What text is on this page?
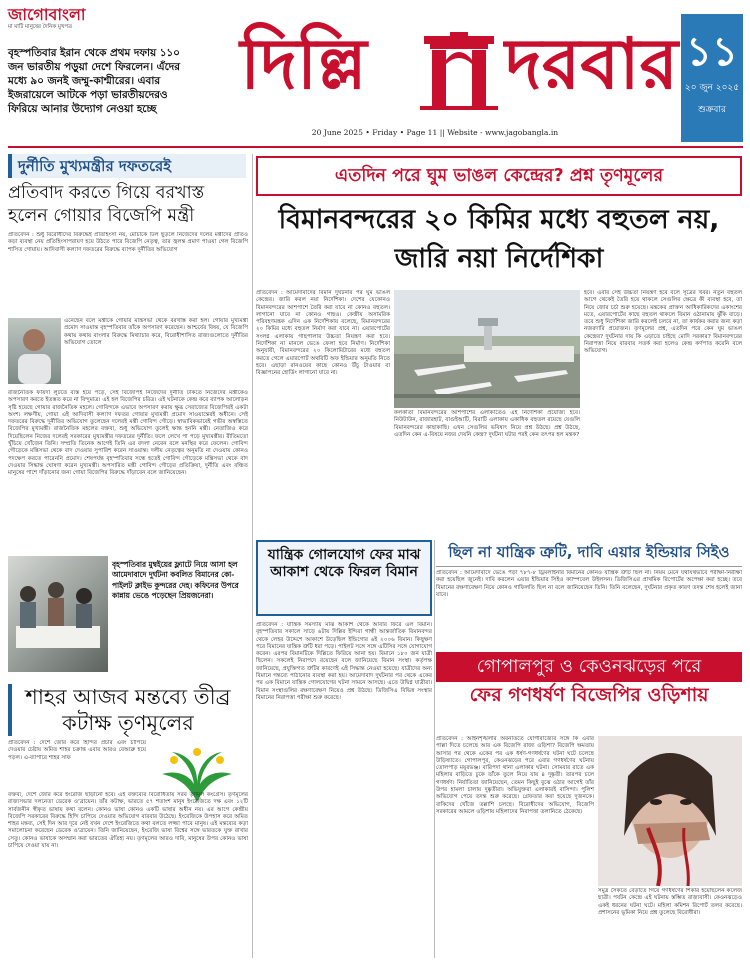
জাগোবাংলা
মা মাটি মানুষের দৈনিক মুখপত্র
বৃহস্পতিবার ইরান থেকে প্রথম দফায় ১১০ জন ভারতীয় পড়ুয়া দেশে ফিরলেন। এঁদের মধ্যে ৯০ জনই জম্মু-কাশ্মীরের। এবার ইজরায়েলে আটকে পড়া ভারতীয়দেরও ফিরিয়ে আনার উদ্যোগ নেওয়া হচ্ছে
দিল্লি	দরবার
20 June 2025 • Friday • Page 11 || Website - www.jagobangla.in
১১
২০ জুন ২০২৫
শুক্রবার
দুর্নীতি মুখ্যমন্ত্রীর দফতরেই
প্রতিবাদ করতে গিয়ে বরখাস্ত হলেন গোয়ার বিজেপি মন্ত্রী
প্রতিবেদন : শুধু বিরোধীদের বিরুদ্ধেই প্রতিহিংসা নয়, মৌচাকে ঢিল ছুঁড়লে নিজেদের দলের মন্ত্রীদের প্রতিও কড়া ব্যবস্থা নেয় প্রতিহিংসাপরায়ণ হয়ে উঠতে পারে বিজেপি নেতৃত্ব, তার জ্বলন্ত প্রমাণ পাওয়া গেল বিজেপি শাসিত গোয়ায়। আদিবাসী কল্যাণ দফতরের বিরুদ্ধে ব্যাপক দুর্নীতির অভিযোগ
এনেছেন বলে মন্ত্রীকে গোয়ার মন্ত্রিসভা থেকে বরখাস্ত করা হল। গোয়ার মুখ্যমন্ত্রী প্রমোদ সাওয়ান্ত বৃহস্পতিবার তাঁকে অপসারণ করেছেন। আশ্চর্যের বিষয়, যে বিজেপি কথায় কথায় বাংলার বিরুদ্ধে মিথ্যাচার করে, বিরোধীশাসিত রাজ্যগুলোতে দুর্নীতির অভিযোগ তোলে
রাজনৈতিক ফায়দা লুটতে ব্যস্ত হয়ে পড়ে, সেই বিজেপিই নিজেদের দুর্নীতি ঢাকতে নিজেদের মন্ত্রীকেও অপসারণ করতে ইতস্তত করে না বিন্দুমাত্র। এই হল বিজেপির চরিত্র। এই ঘটনাকে কেন্দ্র করে ব্যাপক আলোড়ন সৃষ্টি হয়েছে গোয়ার রাজনৈতিক মহলে। গোবিন্দকে এভাবে অপসারণ করায় ক্ষুব্ধ সেরাজ্যের বিজেপিরই একটা অংশ। লক্ষণীয়, গোয়া এই আদিবাসী কল্যাণ দফতর গোয়ার মুখ্যমন্ত্রী প্রমোদ সাওয়ান্তেরই অধীনে। সেই দফতরের বিরুদ্ধে দুর্নীতির অভিযোগ তুলেছেন দলেরই মন্ত্রী গোবিন্দ গৌড়ে। স্বাভাবিকভাবেই গভীর অস্বস্তিতে বিজেপির মুখ্যমন্ত্রী। রাজনৈতিক মহলের বক্তব্য, শুধু অভিযোগ তুলেই ক্ষান্ত হননি মন্ত্রী। নেতাজিও করে দিয়েছিলেন নিজের দলেরই সরকারের মুখ্যমন্ত্রীর দফতরের দুর্নীতি। ফলে লেখে পা পড়ে মুখ্যমন্ত্রীর। রীতিমতো খুঁচিয়ে খোঁজেন তিনি। সম্প্রতি তিনেক আগেই তিনি এর বদলা নেবেন বলে মনস্থির করে ফেলেন। গোবিন্দ গৌড়েকে মন্ত্রিসভা থেকে বাদ দেওয়ার সুপারিশ করেন সাওয়ান্ত। দলীয় নেতৃত্বের অনুমতি না দেওয়ায় কোনও পদক্ষেপ করতে পারেননি প্রমোদ। শেষপর্যন্ত বৃহস্পতিবার সন্ধে হতেই গোবিন্দ গৌড়েকে মন্ত্রিসভা থেকে বাদ দেওয়ার সিদ্ধান্ত ঘোষণা করেন মুখ্যমন্ত্রী। অপসারিত মন্ত্রী গোবিন্দ গৌড়ের প্রতিক্রিয়া, দুর্নীতি এবং বঞ্চিত মানুষের পাশে দাঁড়ানোর জন্য গোয়া বিজেপির বিরুদ্ধে দাঁড়াবেন বলে জানিয়েছেন।
বৃহস্পতিবার মুম্বইয়ের ফ্ল্যাটে নিয়ে আসা হল আমেদাবাদে দুর্ঘটনা কবলিত বিমানের কো-পাইলট ক্লাইভ কুন্দরের দেহ। কফিনের উপরে কান্নায় ভেঙে পড়েছেন প্রিয়জনেরা।
শাহর আজব মন্তব্যে তীব্র কটাক্ষ তৃণমূলের
প্রতিবেদন : দেশে জোর করে হিন্দির প্রচার এবং চাপিয়ে দেওয়ার চেষ্টায় অমিত শাহর চক্রান্ত এবার আরও বেআব্রু হয়ে পড়ল। এ-ব্যাপারে শাহর সাফ
বক্তব্য, দেশে জোর করে ইংরেজি ছাড়ানো হবে। এই বক্তব্যের বিরোধিতায় সরব তৃণমূল কংগ্রেস। তৃণমূলের রাজ্যসভার দলনেতা ডেরেক ও'ব্রায়েন। তাঁর কটাক্ষ, ভারতে ৫৭ শতাংশ মানুষ ইংরেজিতে দক্ষ এবং ১২টি সার্বজনীন স্বীকৃত ভাষায় কথা বলেন। কোনও ভাষা কোনও একটি ভাষার অধীন নয়। এর আগে কেন্দ্রীয় বিজেপি সরকারের বিরুদ্ধে হিন্দি চাপিয়ে দেওয়ার অভিযোগ বারবার উঠেছে। ইংরেজিকে উপহাস করে অমিত শাহর মন্তব্য, সেই দিন আর দূরে নেই যখন দেশে ইংরেজিতে কথা বলতে লজ্জা পাবে মানুষ। এই মন্তব্যের কড়া সমালোচনা করেছেন ডেরেক ও'ব্রায়েন। তিনি জানিয়েছেন, ইংরেজি ভাষা বিশ্বের সঙ্গে ভারতকে যুক্ত রাখার সেতু। কোনও ভাষাকে অসম্মান করা ভারতের ঐতিহ্য নয়। তৃণমূলের আরও দাবি, মানুষের উপর কোনও ভাষা চাপিয়ে দেওয়া যায় না।
এতদিন পরে ঘুম ভাঙল কেন্দ্রের? প্রশ্ন তৃণমূলের
বিমানবন্দরের ২০ কিমির মধ্যে বহুতল নয়, জারি নয়া নির্দেশিকা
প্রতিবেদন : আমেদাবাদের বিমান দুর্ঘটনার পর ঘুম ভাঙল কেন্দ্রের। জারি করল নয়া নির্দেশিকা। দেশের যেকোনও বিমানবন্দরের আশপাশে তৈরি করা যাবে না কোনও বহুতল। লাগানো যাবে না কোনও গাছও। কেন্দ্রীয় অসামরিক পরিবহণমন্ত্রক এদিন এক নির্দেশিকায় বলেছে, বিমানবন্দরের ২০ কিমির মধ্যে বহুতল নির্মাণ করা যাবে না। এয়ারপোর্টের সংলগ্ন এলাকায় গাছপালার উচ্চতা নিয়ন্ত্রণ করা হবে। নির্দেশিকা না মানলে ভেঙে ফেলা হবে নির্মাণ। নির্দেশিকা অনুযায়ী, বিমানবন্দরের ২০ কিলোমিটারের মধ্যে বহুতল করতে গেলে এয়ারপোর্ট অথরিটি অফ ইন্ডিয়ার অনুমতি নিতে হবে। এছাড়া রানওয়ের কাছে কোনও উঁচু টাওয়ার বা বিজ্ঞাপনের হোর্ডিং লাগানো যাবে না।
কলকাতা বিমানবন্দরের আশপাশের এলাকাতেও এই নির্দেশিকা প্রযোজ্য হবে। নিউটাউন, রাজারহাট, বাগুইআটি, বিরাটি এলাকায় একাধিক বহুতল রয়েছে যেগুলি বিমানবন্দরের কাছাকাছি। এখন সেগুলির ভবিষ্যৎ নিয়ে প্রশ্ন উঠছে। প্রশ্ন উঠছে, এতদিন কেন এ-বিষয়ে নজর দেয়নি কেন্দ্র? দুর্ঘটনা ঘটার পরই কেন তৎপর হল মন্ত্রক?
হবে। এবার সেই উচ্চতা নিয়ন্ত্রণ হবে বলে সূত্রের খবর। নতুন বহুতল আগে থেকেই তৈরি হয়ে থাকলে সেগুলির ক্ষেত্রে কী ব্যবস্থা হবে, তা নিয়ে জোর চর্চা শুরু হয়েছে। মন্ত্রকের প্রাক্তন আধিকারিকদের একাংশের মতে, এয়ারপোর্টের কাছে বহুতল থাকলে বিমান ওঠানামায় ঝুঁকি বাড়ে। তবে শুধু নির্দেশিকা জারি করলেই চলবে না, তা কার্যকর করার জন্য কড়া নজরদারি প্রয়োজন। তৃণমূলের প্রশ্ন, এতদিন পরে কেন ঘুম ভাঙল কেন্দ্রের? দুর্ঘটনার দায় কি এড়াতে চাইছে মোদি সরকার? বিমানবন্দরের নিরাপত্তা নিয়ে বারবার সতর্ক করা হলেও কেন্দ্র কর্ণপাত করেনি বলে অভিযোগ।
যান্ত্রিক গোলযোগ ফের মাঝ আকাশ থেকে ফিরল বিমান
প্রতিবেদন : যান্ত্রিক সমস্যায় মাঝ আকাশ থেকে আবার ফিরে এল বিমান। বৃহস্পতিবার সকালে সাড়ে ৬টায় দিল্লির ইন্দিরা গান্ধী আন্তর্জাতিক বিমানবন্দর থেকে লেহর উদ্দেশে আকাশে উড়েছিল ইন্ডিগোর ৬ই ২০০৬ বিমান। কিছুক্ষণ পরে বিমানের যান্ত্রিক ত্রুটি ধরা পড়ে। পাইলট সঙ্গে সঙ্গে এটিসির সঙ্গে যোগাযোগ করেন। এরপর বিমানটিকে দিল্লিতে ফিরিয়ে আনা হয়। বিমানে ১৮০ জন যাত্রী ছিলেন। সকলেই নিরাপদে রয়েছেন বলে জানিয়েছে বিমান সংস্থা। কর্তৃপক্ষ জানিয়েছে, প্রযুক্তিগত ত্রুটির কারণেই এই সিদ্ধান্ত নেওয়া হয়েছে। যাত্রীদের অন্য বিমানে গন্তব্যে পাঠানোর ব্যবস্থা করা হয়। আমেদাবাদ দুর্ঘটনার পর থেকে একের পর এক বিমানে যান্ত্রিক গোলযোগের ঘটনা সামনে আসছে। এতে উদ্বিগ্ন যাত্রীরা। বিমান সংস্থাগুলির রক্ষণাবেক্ষণ নিয়েও প্রশ্ন উঠছে। ডিজিসিএ বিভিন্ন সংস্থার বিমানের নিরাপত্তা পরীক্ষা শুরু করেছে।
ছিল না যান্ত্রিক ত্রুটি, দাবি এয়ার ইন্ডিয়ার সিইও
প্রতিবেদন : আমেদাবাদে ভেঙে পড়া ৭৮৭-৮ ড্রিমলাইনার বিমানের কোনও যান্ত্রিক ত্রুটি ছিল না। নিয়ম মেনে যথাযথভাবে পরীক্ষা-নিরীক্ষা করা হয়েছিল জুনেই। দাবি করলেন এয়ার ইন্ডিয়ার সিইও ক্যাম্পবেল উইলসন। ডিজিসিএর প্রাথমিক রিপোর্টের অপেক্ষা করা হচ্ছে। তবে বিমানের রক্ষণাবেক্ষণ নিয়ে কোনও গাফিলতি ছিল না বলে জানিয়েছেন তিনি। তিনি বলেছেন, দুর্ঘটনার প্রকৃত কারণ তদন্ত শেষ হলেই জানা যাবে।
গোপালপুর ও কেওনঝড়ের পরে
ফের গণধর্ষণ বিজেপির ওড়িশায়
প্রতিবেদন : আইনশৃঙ্খলার অবনতিতে যোগীরাজ্যের সঙ্গে কি এবার পাল্লা দিতে চলেছে আর এক বিজেপি রাজ্য ওড়িশা? বিজেপি ক্ষমতায় আসার পর থেকে একের পর এক ধর্ষণ-গণধর্ষণের ঘটনা ঘটে চলেছে উড়িষ্যাতে। গোপালপুর, কেওনঝড়ের পরে এবার গণধর্ষণের ঘটনায় তোলপাড় ময়ূরভঞ্জ। বারিপদা থানা এলাকার ঘটনা। সোমবার রাতে এক মহিলার বাড়িতে ঢুকে তাঁকে তুলে নিয়ে যায় ৪ দুষ্কৃতী। তারপর চলে গণধর্ষণ। নির্যাতিতা জানিয়েছেন, তেমন কিছুই বুঝে ওঠার আগেই তাঁর উপর হামলা চালায় দুষ্কৃতীরা। অভিযুক্তরা এলাকারই বাসিন্দা। পুলিশ অভিযোগ পেয়ে তদন্ত শুরু করেছে। গ্রেফতার করা হয়েছে দুজনকে। বাকিদের খোঁজে তল্লাশি চলছে। বিরোধীদের অভিযোগ, বিজেপি সরকারের আমলে ওড়িশায় মহিলাদের নিরাপত্তা তলানিতে ঠেকেছে।
সমুদ্র সৈকতে বেড়াতে গিয়ে গণধর্ষণের শিকার হয়েছিলেন কলেজ ছাত্রী। পর্যটন কেন্দ্রে এই ঘটনায় স্তম্ভিত রাজ্যবাসী। কেওনঝড়েও একই ধরনের ঘটনা ঘটে। মহিলা কমিশন রিপোর্ট তলব করেছে। প্রশাসনের ভূমিকা নিয়ে প্রশ্ন তুলেছে বিরোধীরা।
